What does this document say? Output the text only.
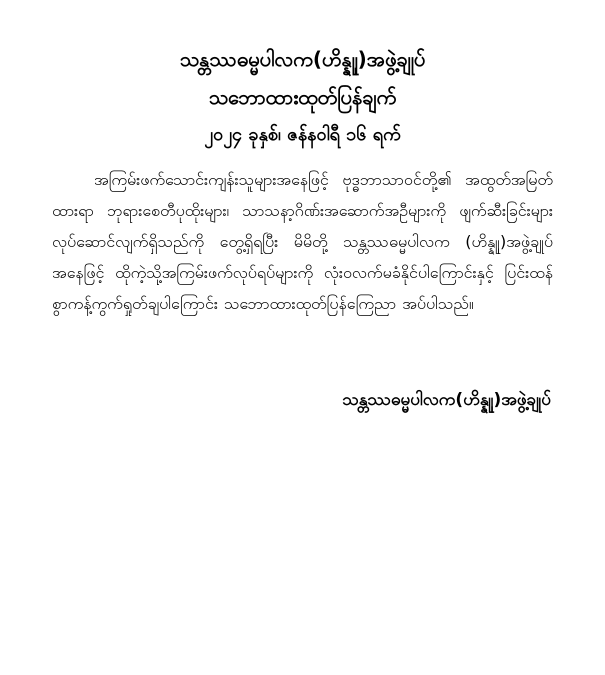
သန္တဿဓမ္မပါလက(ဟိန္နှူ)အဖွဲ့ချုပ်
သဘောထားထုတ်ပြန်ချက်
၂၀၂၄ ခုနှစ်၊ ဇန်နဝါရီ ၁၆ ရက်

အကြမ်းဖက်သောင်းကျန်းသူများအနေဖြင့် ဗုဒ္ဓဘာသာဝင်တို့၏ အထွတ်အမြတ်ထားရာ ဘုရားစေတီပုထိုးများ၊ သာသနာ့ဂိဏ်းအဆောက်အဦများကို ဖျက်ဆီးခြင်းများ လုပ်ဆောင်လျက်ရှိသည်ကို တွေ့ရှိရပြီး မိမိတို့ သန္တဿဓမ္မပါလက (ဟိန္နှူ)အဖွဲ့ချုပ်အနေဖြင့် ထိုကဲ့သို့အကြမ်းဖက်လုပ်ရပ်များကို လုံးဝလက်မခံနိုင်ပါကြောင်းနှင့် ပြင်းထန်စွာကန့်ကွက်ရှုတ်ချပါကြောင်း သဘောထားထုတ်ပြန်ကြေညာ အပ်ပါသည်။

သန္တဿဓမ္မပါလက(ဟိန္နှူ)အဖွဲ့ချုပ်
